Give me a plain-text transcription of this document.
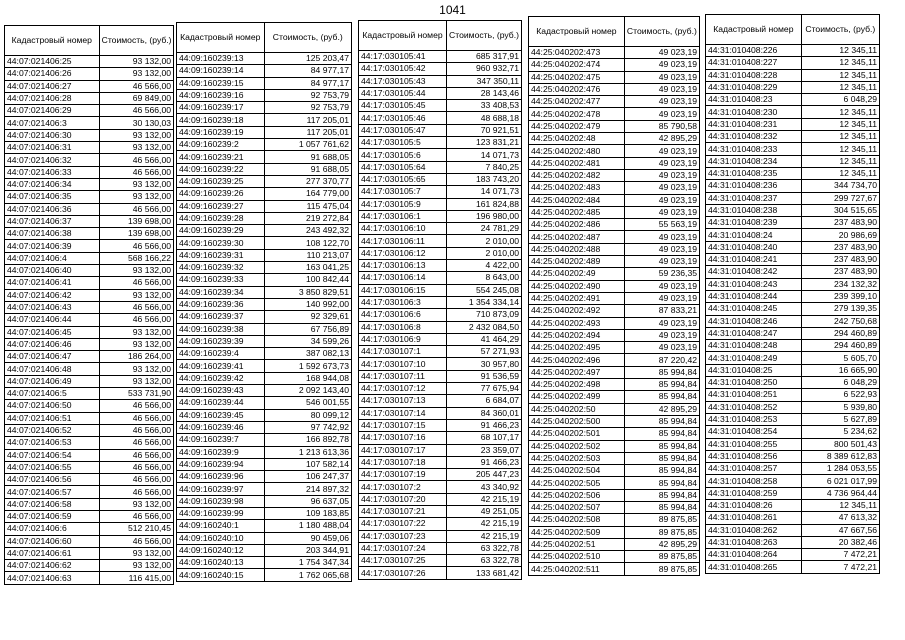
1041
Кадастровый номер	Стоимость, (руб.)
44:07:021406:25	93 132,00
44:07:021406:26	93 132,00
44:07:021406:27	46 566,00
44:07:021406:28	69 849,00
44:07:021406:29	46 566,00
44:07:021406:3	30 130,03
44:07:021406:30	93 132,00
44:07:021406:31	93 132,00
44:07:021406:32	46 566,00
44:07:021406:33	46 566,00
44:07:021406:34	93 132,00
44:07:021406:35	93 132,00
44:07:021406:36	46 566,00
44:07:021406:37	139 698,00
44:07:021406:38	139 698,00
44:07:021406:39	46 566,00
44:07:021406:4	568 166,22
44:07:021406:40	93 132,00
44:07:021406:41	46 566,00
44:07:021406:42	93 132,00
44:07:021406:43	46 566,00
44:07:021406:44	46 566,00
44:07:021406:45	93 132,00
44:07:021406:46	93 132,00
44:07:021406:47	186 264,00
44:07:021406:48	93 132,00
44:07:021406:49	93 132,00
44:07:021406:5	533 731,90
44:07:021406:50	46 566,00
44:07:021406:51	46 566,00
44:07:021406:52	46 566,00
44:07:021406:53	46 566,00
44:07:021406:54	46 566,00
44:07:021406:55	46 566,00
44:07:021406:56	46 566,00
44:07:021406:57	46 566,00
44:07:021406:58	93 132,00
44:07:021406:59	46 566,00
44:07:021406:6	512 210,45
44:07:021406:60	46 566,00
44:07:021406:61	93 132,00
44:07:021406:62	93 132,00
44:07:021406:63	116 415,00
Кадастровый номер	Стоимость, (руб.)
44:09:160239:13	125 203,47
44:09:160239:14	84 977,17
44:09:160239:15	84 977,17
44:09:160239:16	92 753,79
44:09:160239:17	92 753,79
44:09:160239:18	117 205,01
44:09:160239:19	117 205,01
44:09:160239:2	1 057 761,62
44:09:160239:21	91 688,05
44:09:160239:22	91 688,05
44:09:160239:25	277 370,77
44:09:160239:26	164 779,00
44:09:160239:27	115 475,04
44:09:160239:28	219 272,84
44:09:160239:29	243 492,32
44:09:160239:30	108 122,70
44:09:160239:31	110 213,07
44:09:160239:32	163 041,25
44:09:160239:33	100 842,44
44:09:160239:34	3 850 829,51
44:09:160239:36	140 992,00
44:09:160239:37	92 329,61
44:09:160239:38	67 756,89
44:09:160239:39	34 599,26
44:09:160239:4	387 082,13
44:09:160239:41	1 592 673,73
44:09:160239:42	168 944,08
44:09:160239:43	2 092 143,40
44:09:160239:44	546 001,55
44:09:160239:45	80 099,12
44:09:160239:46	97 742,92
44:09:160239:7	166 892,78
44:09:160239:9	1 213 613,36
44:09:160239:94	107 582,14
44:09:160239:96	106 247,37
44:09:160239:97	214 897,32
44:09:160239:98	96 637,05
44:09:160239:99	109 183,85
44:09:160240:1	1 180 488,04
44:09:160240:10	90 459,06
44:09:160240:12	203 344,91
44:09:160240:13	1 754 347,34
44:09:160240:15	1 762 065,68
Кадастровый номер	Стоимость, (руб.)
44:17:030105:41	685 317,91
44:17:030105:42	960 932,71
44:17:030105:43	347 350,11
44:17:030105:44	28 143,46
44:17:030105:45	33 408,53
44:17:030105:46	48 688,18
44:17:030105:47	70 921,51
44:17:030105:5	123 831,21
44:17:030105:6	14 071,73
44:17:030105:64	7 840,25
44:17:030105:65	183 743,20
44:17:030105:7	14 071,73
44:17:030105:9	161 824,88
44:17:030106:1	196 980,00
44:17:030106:10	24 781,29
44:17:030106:11	2 010,00
44:17:030106:12	2 010,00
44:17:030106:13	4 422,00
44:17:030106:14	8 643,00
44:17:030106:15	554 245,08
44:17:030106:3	1 354 334,14
44:17:030106:6	710 873,09
44:17:030106:8	2 432 084,50
44:17:030106:9	41 464,29
44:17:030107:1	57 271,93
44:17:030107:10	30 957,80
44:17:030107:11	91 536,59
44:17:030107:12	77 675,94
44:17:030107:13	6 684,07
44:17:030107:14	84 360,01
44:17:030107:15	91 466,23
44:17:030107:16	68 107,17
44:17:030107:17	23 359,07
44:17:030107:18	91 466,23
44:17:030107:19	205 447,23
44:17:030107:2	43 340,92
44:17:030107:20	42 215,19
44:17:030107:21	49 251,05
44:17:030107:22	42 215,19
44:17:030107:23	42 215,19
44:17:030107:24	63 322,78
44:17:030107:25	63 322,78
44:17:030107:26	133 681,42
Кадастровый номер	Стоимость, (руб.)
44:25:040202:473	49 023,19
44:25:040202:474	49 023,19
44:25:040202:475	49 023,19
44:25:040202:476	49 023,19
44:25:040202:477	49 023,19
44:25:040202:478	49 023,19
44:25:040202:479	85 790,58
44:25:040202:48	42 895,29
44:25:040202:480	49 023,19
44:25:040202:481	49 023,19
44:25:040202:482	49 023,19
44:25:040202:483	49 023,19
44:25:040202:484	49 023,19
44:25:040202:485	49 023,19
44:25:040202:486	55 563,19
44:25:040202:487	49 023,19
44:25:040202:488	49 023,19
44:25:040202:489	49 023,19
44:25:040202:49	59 236,35
44:25:040202:490	49 023,19
44:25:040202:491	49 023,19
44:25:040202:492	87 833,21
44:25:040202:493	49 023,19
44:25:040202:494	49 023,19
44:25:040202:495	49 023,19
44:25:040202:496	87 220,42
44:25:040202:497	85 994,84
44:25:040202:498	85 994,84
44:25:040202:499	85 994,84
44:25:040202:50	42 895,29
44:25:040202:500	85 994,84
44:25:040202:501	85 994,84
44:25:040202:502	85 994,84
44:25:040202:503	85 994,84
44:25:040202:504	85 994,84
44:25:040202:505	85 994,84
44:25:040202:506	85 994,84
44:25:040202:507	85 994,84
44:25:040202:508	89 875,85
44:25:040202:509	89 875,85
44:25:040202:51	42 895,29
44:25:040202:510	89 875,85
44:25:040202:511	89 875,85
Кадастровый номер	Стоимость, (руб.)
44:31:010408:226	12 345,11
44:31:010408:227	12 345,11
44:31:010408:228	12 345,11
44:31:010408:229	12 345,11
44:31:010408:23	6 048,29
44:31:010408:230	12 345,11
44:31:010408:231	12 345,11
44:31:010408:232	12 345,11
44:31:010408:233	12 345,11
44:31:010408:234	12 345,11
44:31:010408:235	12 345,11
44:31:010408:236	344 734,70
44:31:010408:237	299 727,67
44:31:010408:238	304 515,65
44:31:010408:239	237 483,90
44:31:010408:24	20 986,69
44:31:010408:240	237 483,90
44:31:010408:241	237 483,90
44:31:010408:242	237 483,90
44:31:010408:243	234 132,32
44:31:010408:244	239 399,10
44:31:010408:245	279 139,35
44:31:010408:246	242 750,68
44:31:010408:247	294 460,89
44:31:010408:248	294 460,89
44:31:010408:249	5 605,70
44:31:010408:25	16 665,90
44:31:010408:250	6 048,29
44:31:010408:251	6 522,93
44:31:010408:252	5 939,80
44:31:010408:253	5 627,89
44:31:010408:254	5 234,62
44:31:010408:255	800 501,43
44:31:010408:256	8 389 612,83
44:31:010408:257	1 284 053,55
44:31:010408:258	6 021 017,99
44:31:010408:259	4 736 964,44
44:31:010408:26	12 345,11
44:31:010408:261	47 613,32
44:31:010408:262	47 667,56
44:31:010408:263	20 382,46
44:31:010408:264	7 472,21
44:31:010408:265	7 472,21
